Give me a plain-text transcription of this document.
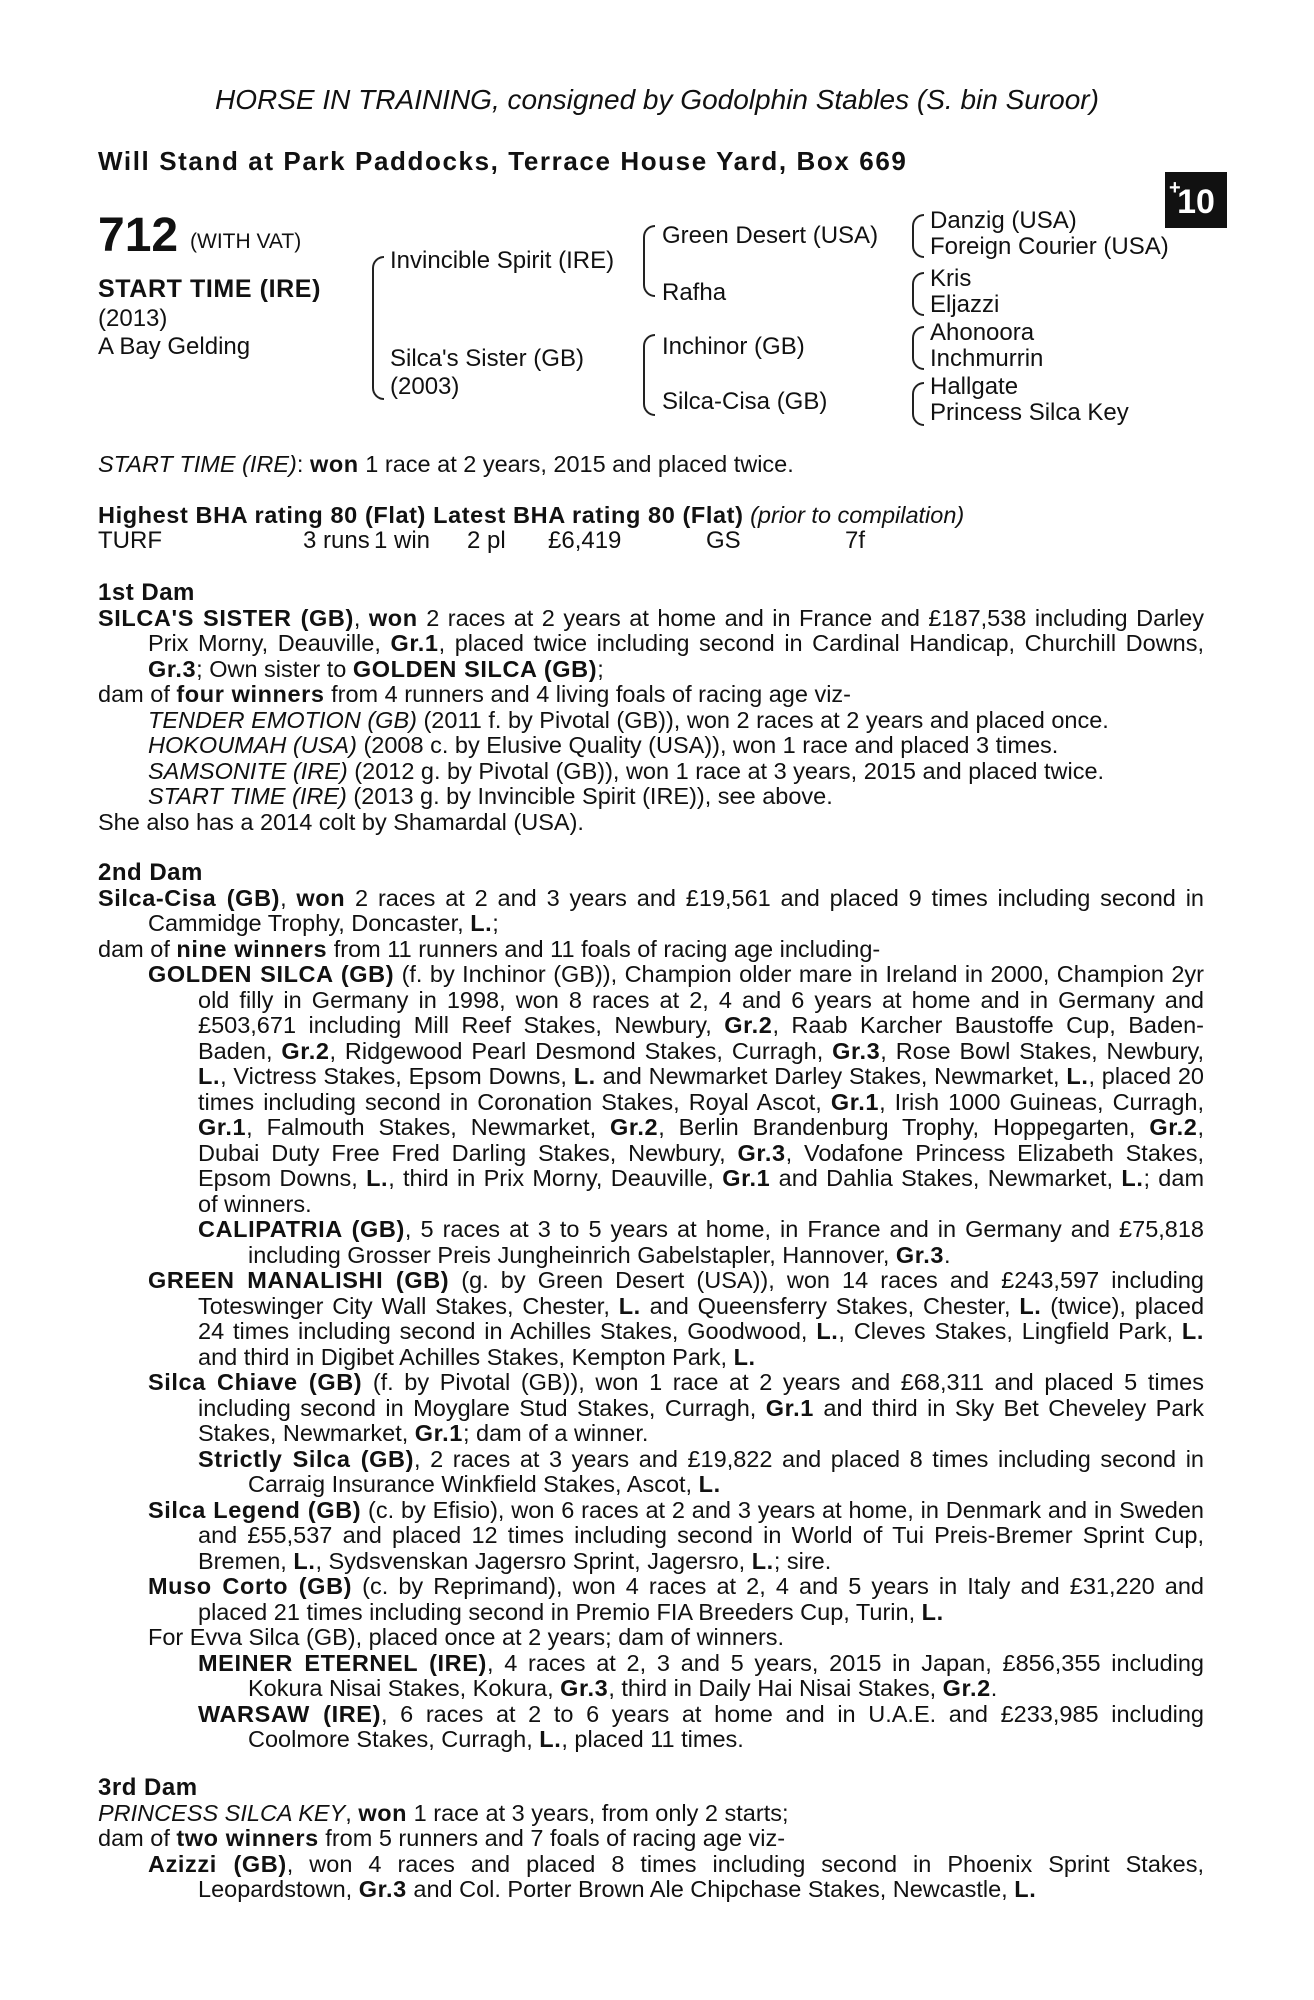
HORSE IN TRAINING, consigned by Godolphin Stables (S. bin Suroor)
Will Stand at Park Paddocks, Terrace House Yard, Box 669
+
10
712 (WITH VAT)
START TIME (IRE)
(2013)
A Bay Gelding
Invincible Spirit (IRE)
Silca's Sister (GB)
(2003)
Green Desert (USA)
Rafha
Inchinor (GB)
Silca-Cisa (GB)
Danzig (USA)
Foreign Courier (USA)
Kris
Eljazzi
Ahonoora
Inchmurrin
Hallgate
Princess Silca Key
START TIME (IRE): won 1 race at 2 years, 2015 and placed twice.
Highest BHA rating 80 (Flat) Latest BHA rating 80 (Flat) (prior to compilation)
TURF	3 runs 1 win 2 pl £6,419	GS	7f
1st Dam
SILCA'S SISTER (GB), won 2 races at 2 years at home and in France and £187,538 including Darley Prix Morny, Deauville, Gr.1, placed twice including second in Cardinal Handicap, Churchill Downs, Gr.3; Own sister to GOLDEN SILCA (GB);
dam of four winners from 4 runners and 4 living foals of racing age viz-
TENDER EMOTION (GB) (2011 f. by Pivotal (GB)), won 2 races at 2 years and placed once.
HOKOUMAH (USA) (2008 c. by Elusive Quality (USA)), won 1 race and placed 3 times.
SAMSONITE (IRE) (2012 g. by Pivotal (GB)), won 1 race at 3 years, 2015 and placed twice.
START TIME (IRE) (2013 g. by Invincible Spirit (IRE)), see above.
She also has a 2014 colt by Shamardal (USA).
2nd Dam
Silca-Cisa (GB), won 2 races at 2 and 3 years and £19,561 and placed 9 times including second in Cammidge Trophy, Doncaster, L.;
dam of nine winners from 11 runners and 11 foals of racing age including-
GOLDEN SILCA (GB) (f. by Inchinor (GB)), Champion older mare in Ireland in 2000, Champion 2yr old filly in Germany in 1998, won 8 races at 2, 4 and 6 years at home and in Germany and £503,671 including Mill Reef Stakes, Newbury, Gr.2, Raab Karcher Baustoffe Cup, Baden-Baden, Gr.2, Ridgewood Pearl Desmond Stakes, Curragh, Gr.3, Rose Bowl Stakes, Newbury, L., Victress Stakes, Epsom Downs, L. and Newmarket Darley Stakes, Newmarket, L., placed 20 times including second in Coronation Stakes, Royal Ascot, Gr.1, Irish 1000 Guineas, Curragh, Gr.1, Falmouth Stakes, Newmarket, Gr.2, Berlin Brandenburg Trophy, Hoppegarten, Gr.2, Dubai Duty Free Fred Darling Stakes, Newbury, Gr.3, Vodafone Princess Elizabeth Stakes, Epsom Downs, L., third in Prix Morny, Deauville, Gr.1 and Dahlia Stakes, Newmarket, L.; dam of winners.
CALIPATRIA (GB), 5 races at 3 to 5 years at home, in France and in Germany and £75,818 including Grosser Preis Jungheinrich Gabelstapler, Hannover, Gr.3.
GREEN MANALISHI (GB) (g. by Green Desert (USA)), won 14 races and £243,597 including Toteswinger City Wall Stakes, Chester, L. and Queensferry Stakes, Chester, L. (twice), placed 24 times including second in Achilles Stakes, Goodwood, L., Cleves Stakes, Lingfield Park, L. and third in Digibet Achilles Stakes, Kempton Park, L.
Silca Chiave (GB) (f. by Pivotal (GB)), won 1 race at 2 years and £68,311 and placed 5 times including second in Moyglare Stud Stakes, Curragh, Gr.1 and third in Sky Bet Cheveley Park Stakes, Newmarket, Gr.1; dam of a winner.
Strictly Silca (GB), 2 races at 3 years and £19,822 and placed 8 times including second in Carraig Insurance Winkfield Stakes, Ascot, L.
Silca Legend (GB) (c. by Efisio), won 6 races at 2 and 3 years at home, in Denmark and in Sweden and £55,537 and placed 12 times including second in World of Tui Preis-Bremer Sprint Cup, Bremen, L., Sydsvenskan Jagersro Sprint, Jagersro, L.; sire.
Muso Corto (GB) (c. by Reprimand), won 4 races at 2, 4 and 5 years in Italy and £31,220 and placed 21 times including second in Premio FIA Breeders Cup, Turin, L.
For Evva Silca (GB), placed once at 2 years; dam of winners.
MEINER ETERNEL (IRE), 4 races at 2, 3 and 5 years, 2015 in Japan, £856,355 including Kokura Nisai Stakes, Kokura, Gr.3, third in Daily Hai Nisai Stakes, Gr.2.
WARSAW (IRE), 6 races at 2 to 6 years at home and in U.A.E. and £233,985 including Coolmore Stakes, Curragh, L., placed 11 times.
3rd Dam
PRINCESS SILCA KEY, won 1 race at 3 years, from only 2 starts;
dam of two winners from 5 runners and 7 foals of racing age viz-
Azizzi (GB), won 4 races and placed 8 times including second in Phoenix Sprint Stakes, Leopardstown, Gr.3 and Col. Porter Brown Ale Chipchase Stakes, Newcastle, L.
